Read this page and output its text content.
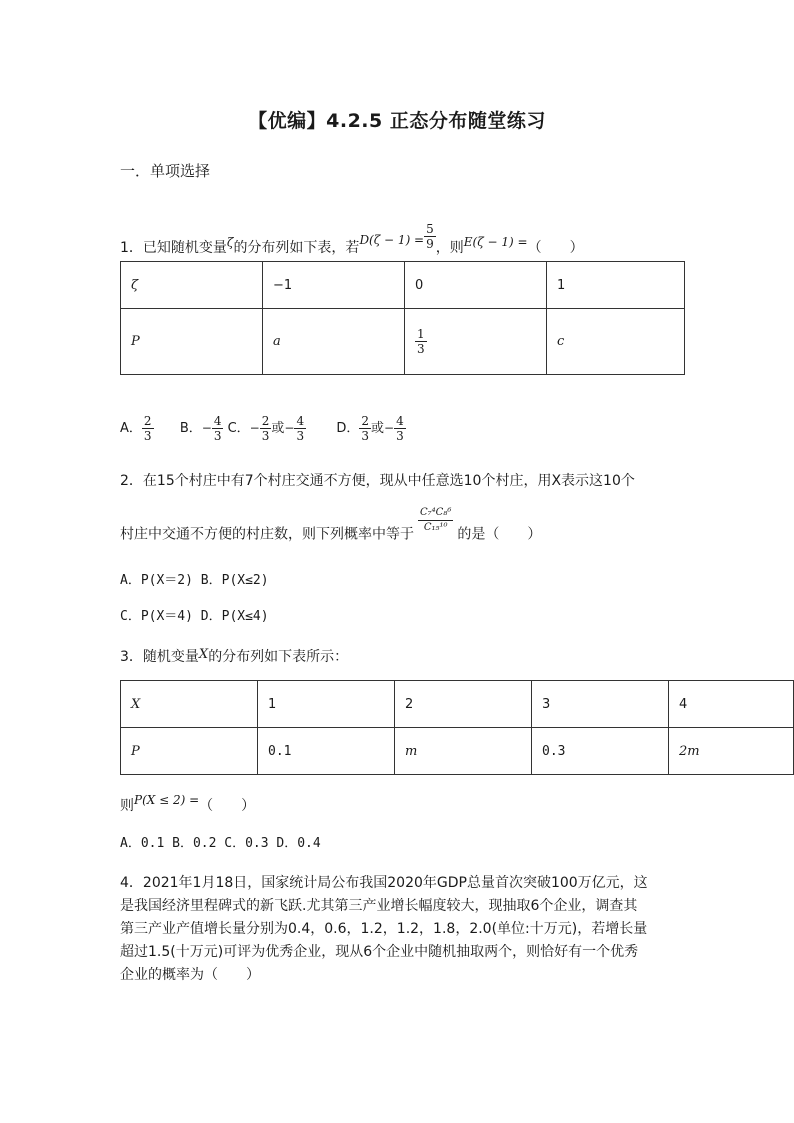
【优编】4.2.5 正态分布随堂练习
一．单项选择
1．已知随机变量$^\zeta$的分布列如下表，若$D(\zeta - 1) = \frac{5}{9}$ ，则E(ζ − 1) =（　　）
ζ	−1	0	1
P	a	$\frac{1}{3}$	c
A． $\frac{2}{3}$ B．− $\frac{4}{3}$ C．− $\frac{2}{3}$ 或− $\frac{4}{3}$ D． $\frac{2}{3}$ 或− $\frac{4}{3}$
2．在15个村庄中有7个村庄交通不方便，现从中任意选10个村庄，用X表示这10个
村庄中交通不方便的村庄数，则下列概率中等于 $\frac{\text{C₇⁴C₈⁶}}{\text{C₁₅¹⁰}}$ 的是（　　）
A．P(X＝2) B．P(X≤2)
C．P(X＝4) D．P(X≤4)
3．随机变量X的分布列如下表所示：
X	1	2	3	4
P	0.1	m	0.3	2m
则P(X ≤ 2) =（　　）
A．0.1 B．0.2 C．0.3 D．0.4
4．2021年1月18日，国家统计局公布我国2020年GDP总量首次突破100万亿元，这
是我国经济里程碑式的新飞跃.尤其第三产业增长幅度较大，现抽取6个企业，调查其
第三产业产值增长量分别为0.4，0.6，1.2，1.2，1.8，2.0(单位:十万元)，若增长量
超过1.5(十万元)可评为优秀企业，现从6个企业中随机抽取两个，则恰好有一个优秀
企业的概率为（　　）
